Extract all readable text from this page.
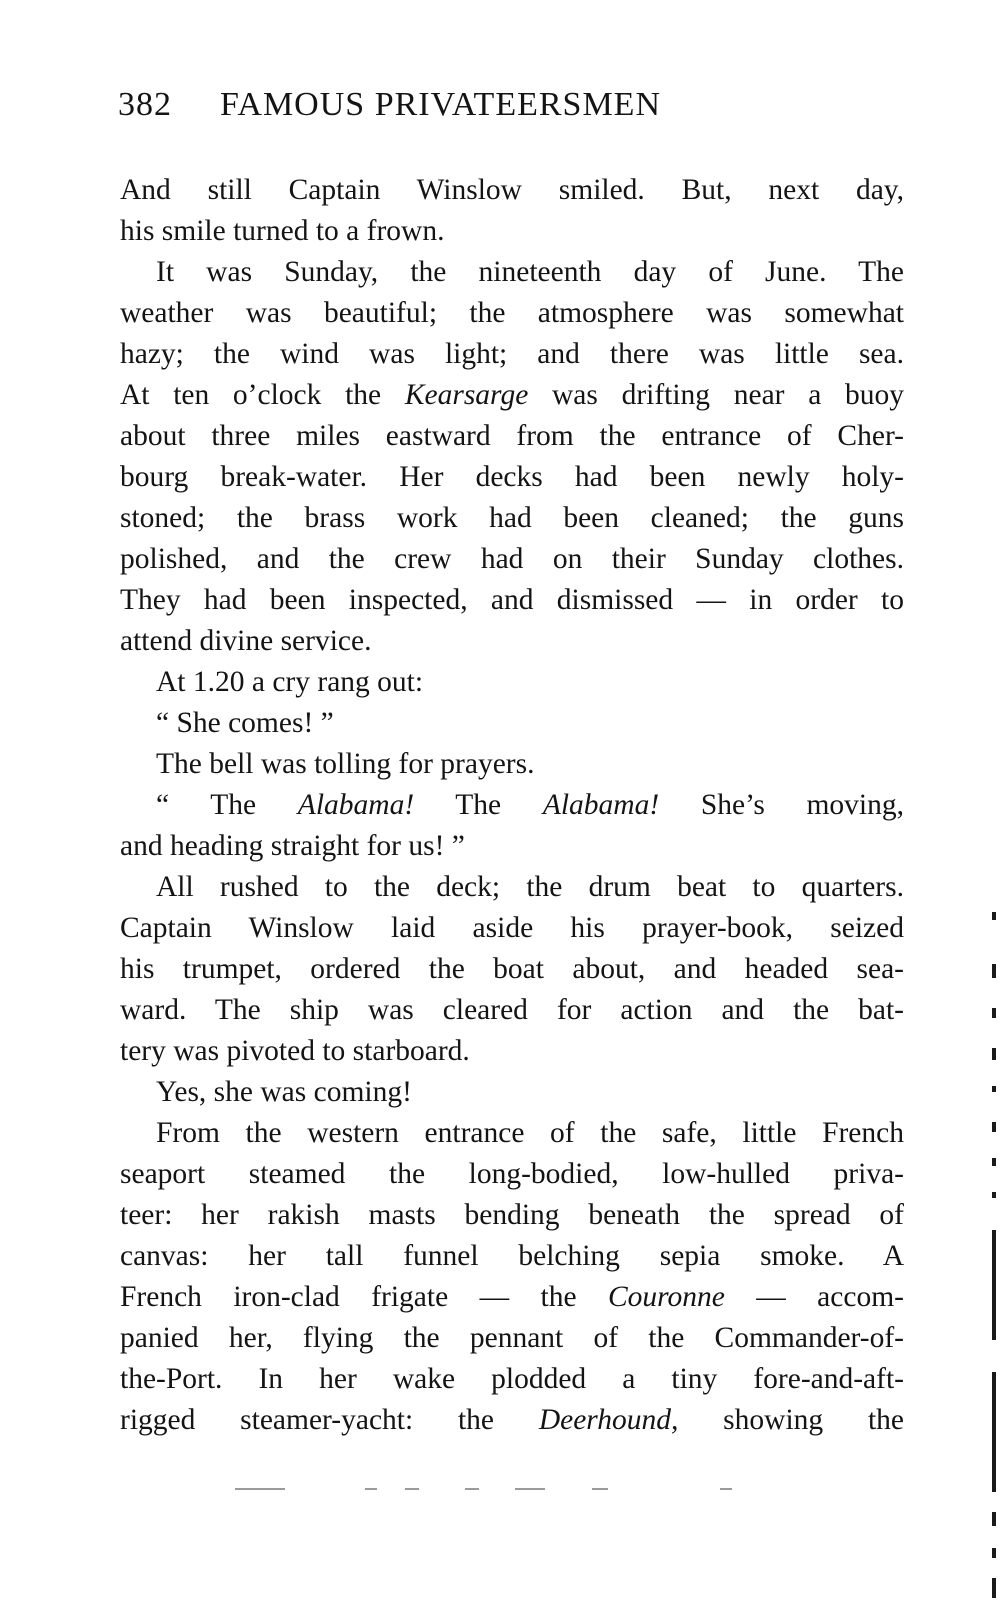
382 FAMOUS PRIVATEERSMEN
And still Captain Winslow smiled. But, next day,
his smile turned to a frown.
It was Sunday, the nineteenth day of June. The
weather was beautiful; the atmosphere was somewhat
hazy; the wind was light; and there was little sea.
At ten o’clock the Kearsarge was drifting near a buoy
about three miles eastward from the entrance of Cher-
bourg break-water. Her decks had been newly holy-
stoned; the brass work had been cleaned; the guns
polished, and the crew had on their Sunday clothes.
They had been inspected, and dismissed — in order to
attend divine service.
At 1.20 a cry rang out:
“ She comes! ”
The bell was tolling for prayers.
“ The Alabama! The Alabama! She’s moving,
and heading straight for us! ”
All rushed to the deck; the drum beat to quarters.
Captain Winslow laid aside his prayer-book, seized
his trumpet, ordered the boat about, and headed sea-
ward. The ship was cleared for action and the bat-
tery was pivoted to starboard.
Yes, she was coming!
From the western entrance of the safe, little French
seaport steamed the long-bodied, low-hulled priva-
teer: her rakish masts bending beneath the spread of
canvas: her tall funnel belching sepia smoke. A
French iron-clad frigate — the Couronne — accom-
panied her, flying the pennant of the Commander-of-
the-Port. In her wake plodded a tiny fore-and-aft-
rigged steamer-yacht: the Deerhound, showing the
